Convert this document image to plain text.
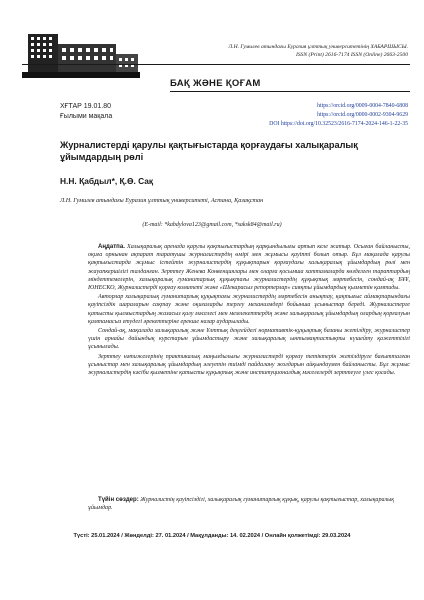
Л.Н. Гумилев атындағы Еуразия ұлттық университетінің ХАБАРШЫСЫ.
ISSN (Print) 2616-7174 ISSN (Online) 2663-2500
БАҚ ЖӘНЕ ҚОҒАМ
ХҒТАР 19.01.80
Ғылыми мақала
https://orcid.org/0009-0004-7840-6808
https://orcid.org/0000-0002-9304-9629
DOI https://doi.org/10.32523/2616-7174-2024-146-1-22-35
Журналистерді қарулы қақтығыстарда қорғаудағы халықаралық ұйымдардың рөлі
Н.Н. Қабдыл*, Қ.Ө. Сақ
Л.Н. Гумилев атындағы Еуразия ұлттық университеті, Астана, Қазақстан
(E-mail: *kabdylova123@gmail.com, *saksk84@mail.ru)

Аңдатпа. Халықаралық аренада қарулы қақтығыстардың қарқындылығы артып келе жатыр. Осыған байланысты, оқиға орнынан ақпарат таратушы журналистердің өмірі мен жұмысы қауіпті болып отыр. Бұл мақалада қарулы қақтығыстарда жұмыс істейтін журналистердің құқықтарын қорғаудағы халықаралық ұйымдардың рөлі мен жауапкершілігі талданған. Зерттеу Женева Конвенциялары мен оларға қосымша хаттамаларда көзделген тараптардың міндеттемелерін, халықаралық гуманитарлық құқықтағы журналистердің құқықтық мәртебесін, сондай-ақ БҰҰ, ЮНЕСКО, Журналистерді қорғау комитеті және «Шекарасыз репортерлар» сияқты ұйымдардың қызметін қамтиды.

Авторлар халықаралық гуманитарлық құқықтағы журналистердің мәртебесін анықтау, қақтығыс аймақтарындағы қауіпсіздік шараларын сақтау және оқиғаларды тергеу механизмдері бойынша ұсыныстар береді. Журналистерге қатысты қылмыстардың жазасыз қалу мәселесі мен мемлекеттердің және халықаралық ұйымдардың олардың қорғалуын қамтамасыз етудегі әрекеттеріне ерекше назар аударылады.

Сондай-ақ, мақалада халықаралық және Ұлттық деңгейдегі нормативтік-құқықтық базаны жетілдіру, журналистер үшін арнайы дайындық курстарын ұйымдастыру және халықаралық ынтымақтастықты күшейту қажеттілігі ұсынылады.

Зерттеу нәтижелерінің практикалық маңыздылығы журналистерді қорғау тетіктерін жетілдіруге бағытталған ұсыныстар мен халықаралық ұйымдардың әлеуетін тиімді пайдалану жолдарын айқындаумен байланысты. Бұл жұмыс журналистердің кәсіби қызметіне қатысты құқықтық және институционалдық мәселелерді зерттеуге үлес қосады.

Түйін сөздер: Журналистің қауіпсіздігі, халықаралық гуманитарлық құқық, қарулы қақтығыстар, халықаралық ұйымдар.
Түсті: 25.01.2024 / Жөнделді: 27. 01.2024 / Мақұлданды: 14. 02.2024 / Онлайн қолжетімді: 29.03.2024
